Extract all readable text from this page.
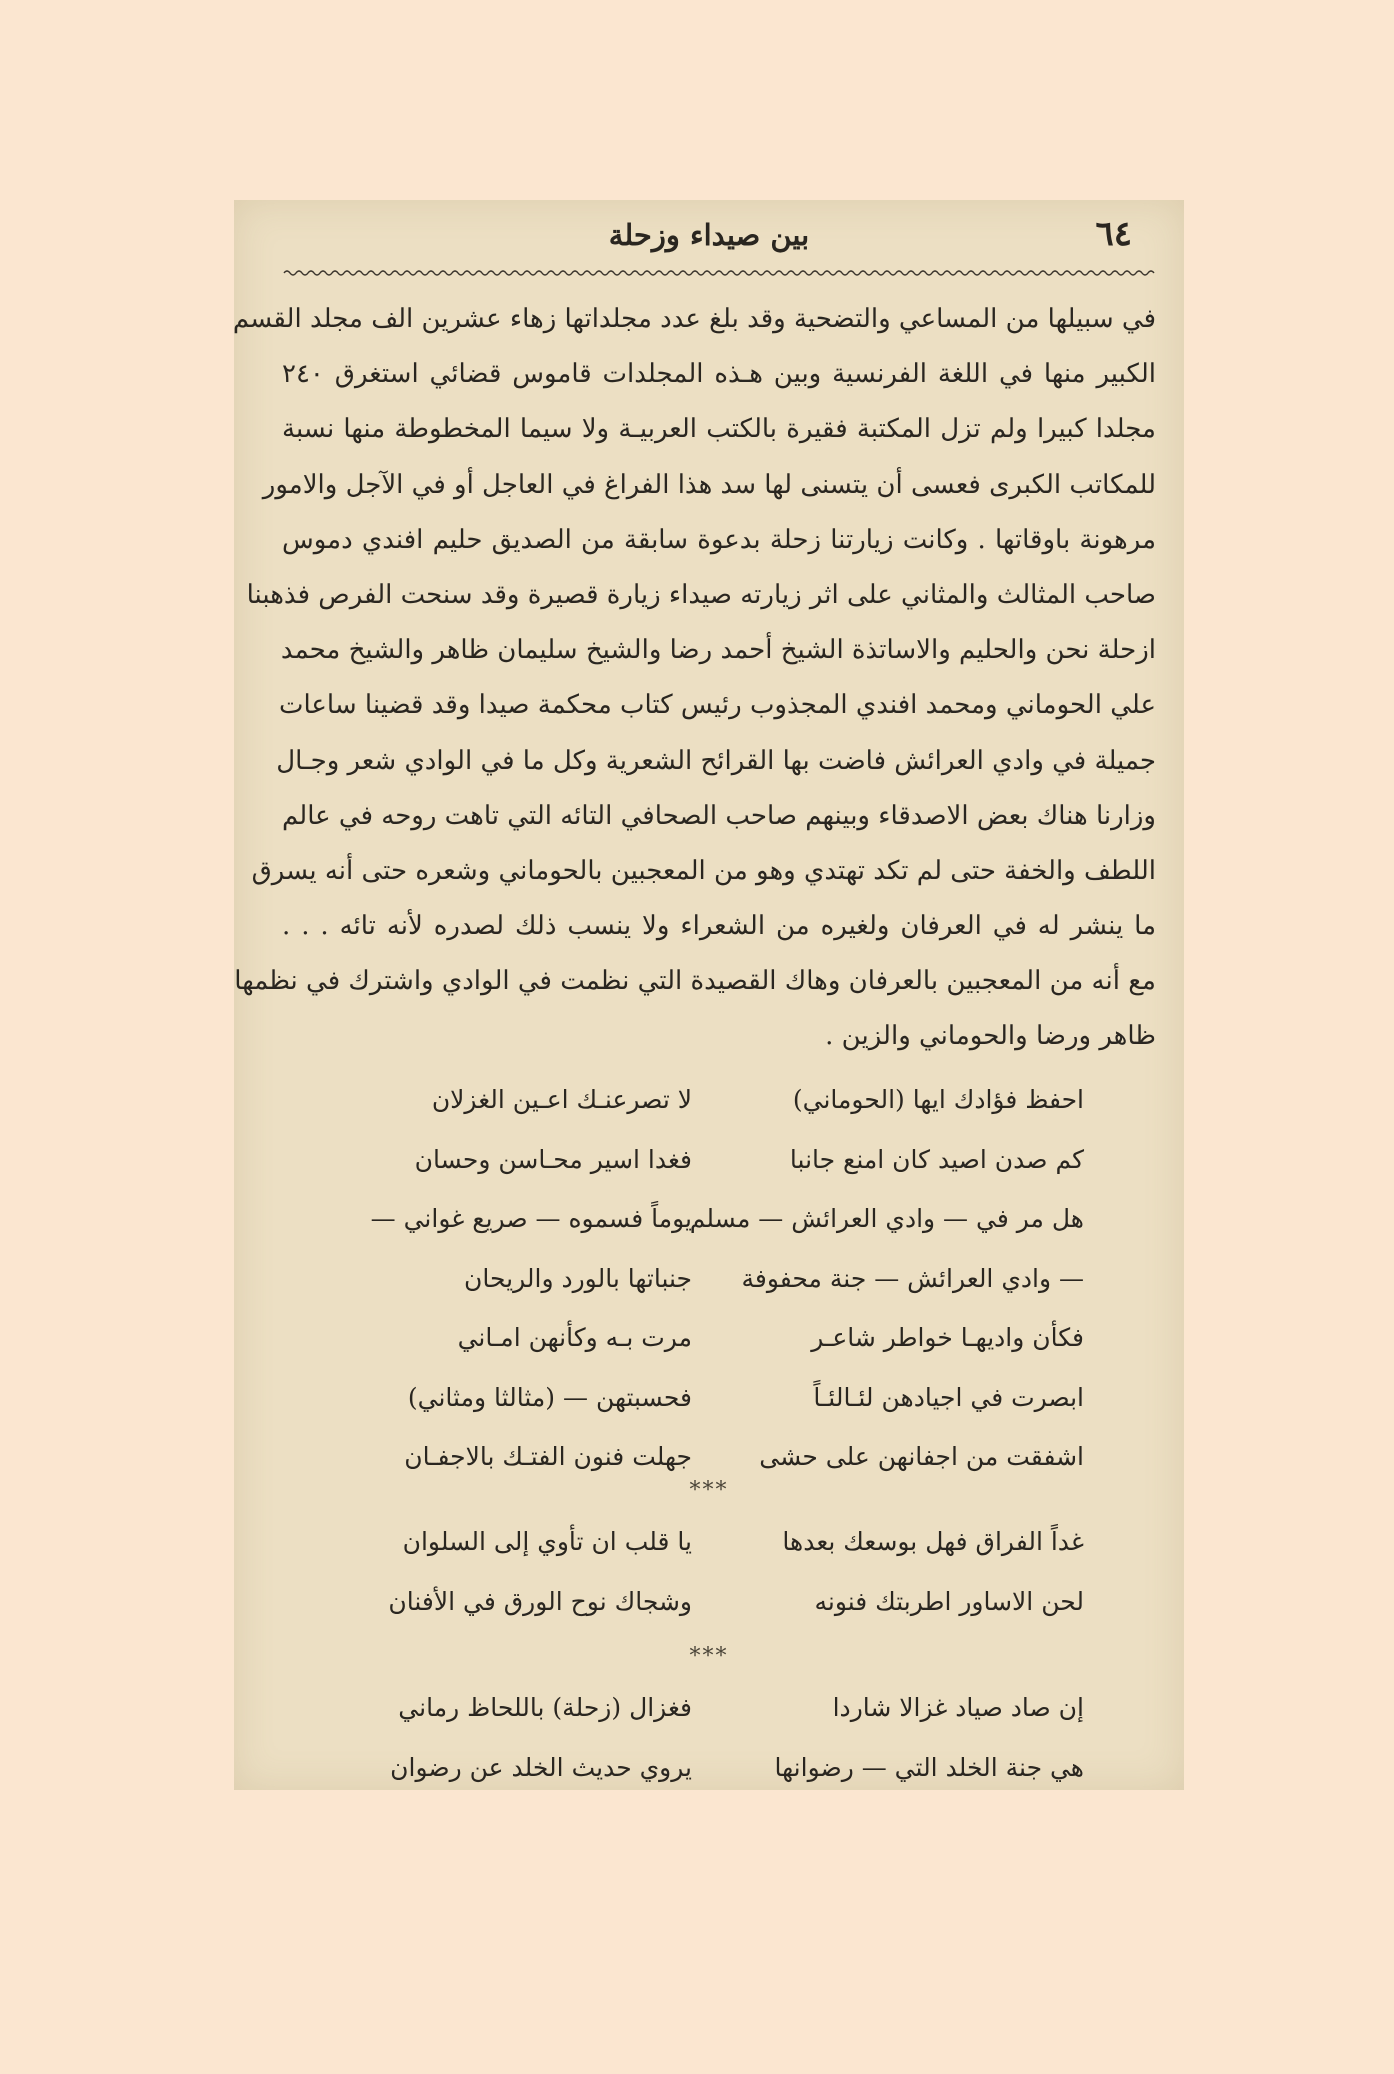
٦٤
بين صيداء وزحلة
في سبيلها من المساعي والتضحية وقد بلغ عدد مجلداتها زهاء عشرين الف مجلد القسم
الكبير منها في اللغة الفرنسية وبين هـذه المجلدات قاموس قضائي استغرق ٢٤٠
مجلدا كبيرا ولم تزل المكتبة فقيرة بالكتب العربيـة ولا سيما المخطوطة منها نسبة
للمكاتب الكبرى فعسى أن يتسنى لها سد هذا الفراغ في العاجل أو في الآجل والامور
مرهونة باوقاتها . وكانت زيارتنا زحلة بدعوة سابقة من الصديق حليم افندي دموس
صاحب المثالث والمثاني على اثر زيارته صيداء زيارة قصيرة وقد سنحت الفرص فذهبنا
ازحلة نحن والحليم والاساتذة الشيخ أحمد رضا والشيخ سليمان ظاهر والشيخ محمد
علي الحوماني ومحمد افندي المجذوب رئيس كتاب محكمة صيدا وقد قضينا ساعات
جميلة في وادي العرائش فاضت بها القرائح الشعرية وكل ما في الوادي شعر وجـال
وزارنا هناك بعض الاصدقاء وبينهم صاحب الصحافي التائه التي تاهت روحه في عالم
اللطف والخفة حتى لم تكد تهتدي وهو من المعجبين بالحوماني وشعره حتى أنه يسرق
ما ينشر له في العرفان ولغيره من الشعراء ولا ينسب ذلك لصدره لأنه تائه . . .
مع أنه من المعجبين بالعرفان وهاك القصيدة التي نظمت في الوادي واشترك في نظمها
ظاهر ورضا والحوماني والزين .
احفظ فؤادك ايها (الحوماني)
لا تصرعنـك اعـين الغزلان
كم صدن اصيد كان امنع جانبا
فغدا اسير محـاسن وحسان
هل مر في — وادي العرائش — مسلم
يوماً فسموه — صريع غواني —
— وادي العرائش — جنة محفوفة
جنباتها بالورد والريحان
فكأن واديهـا خواطر شاعـر
مرت بـه وكأنهن امـاني
ابصرت في اجيادهن لئـالئـاً
فحسبتهن — (مثالثا ومثاني)
اشفقت من اجفانهن على حشى
جهلت فنون الفتـك بالاجفـان
***
غداً الفراق فهل بوسعك بعدها
يا قلب ان تأوي إلى السلوان
لحن الاساور اطربتك فنونه
وشجاك نوح الورق في الأفنان
***
إن صاد صياد غزالا شاردا
فغزال (زحلة) باللحاظ رماني
هي جنة الخلد التي — رضوانها
يروي حديث الخلد عن رضوان
